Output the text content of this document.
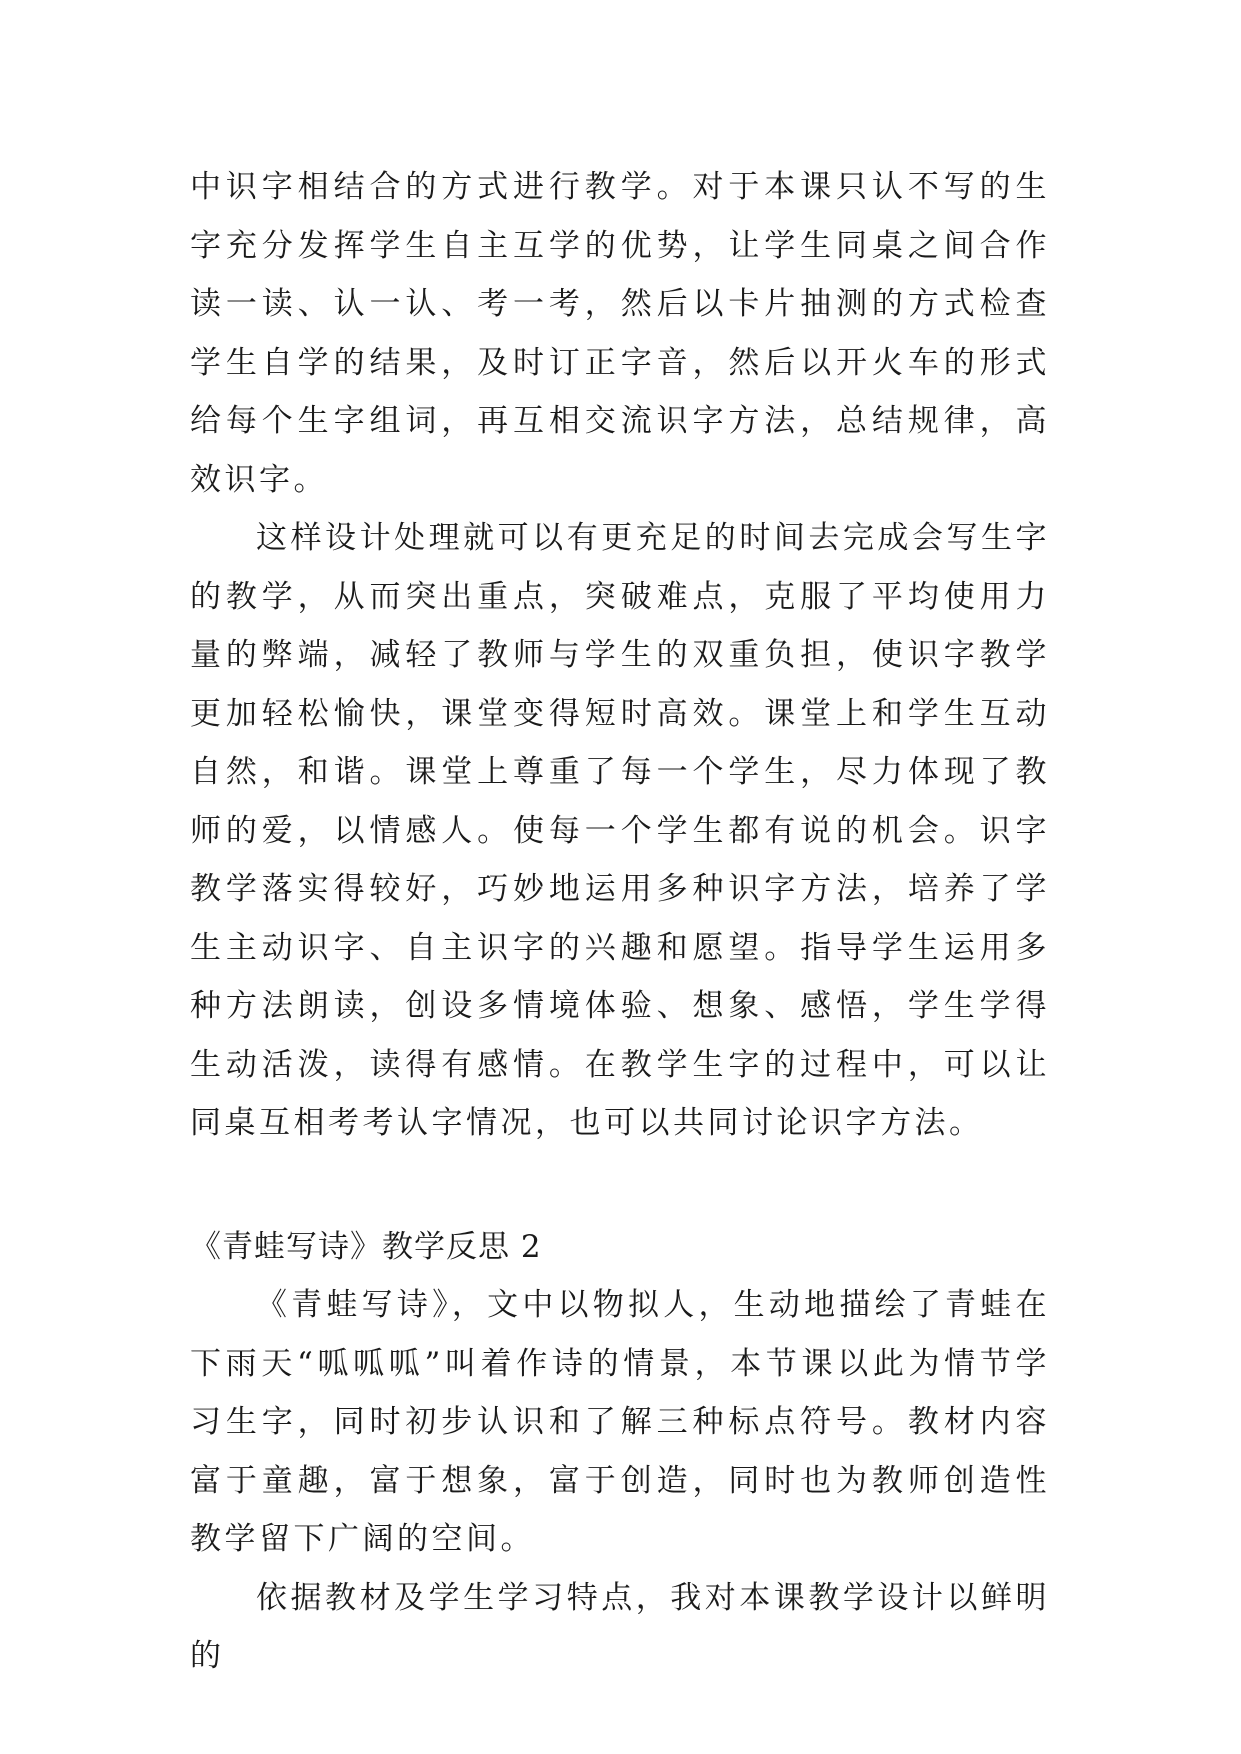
中识字相结合的方式进行教学。对于本课只认不写的生字充分发挥学生自主互学的优势，让学生同桌之间合作读一读、认一认、考一考，然后以卡片抽测的方式检查学生自学的结果，及时订正字音，然后以开火车的形式给每个生字组词，再互相交流识字方法，总结规律，高效识字。

这样设计处理就可以有更充足的时间去完成会写生字的教学，从而突出重点，突破难点，克服了平均使用力量的弊端，减轻了教师与学生的双重负担，使识字教学更加轻松愉快，课堂变得短时高效。课堂上和学生互动自然，和谐。课堂上尊重了每一个学生，尽力体现了教师的爱，以情感人。使每一个学生都有说的机会。识字教学落实得较好，巧妙地运用多种识字方法，培养了学生主动识字、自主识字的兴趣和愿望。指导学生运用多种方法朗读，创设多情境体验、想象、感悟，学生学得生动活泼，读得有感情。在教学生字的过程中，可以让同桌互相考考认字情况，也可以共同讨论识字方法。

《青蛙写诗》教学反思 2

《青蛙写诗》，文中以物拟人，生动地描绘了青蛙在下雨天“呱呱呱”叫着作诗的情景，本节课以此为情节学习生字，同时初步认识和了解三种标点符号。教材内容富于童趣，富于想象，富于创造，同时也为教师创造性教学留下广阔的空间。

依据教材及学生学习特点，我对本课教学设计以鲜明的
